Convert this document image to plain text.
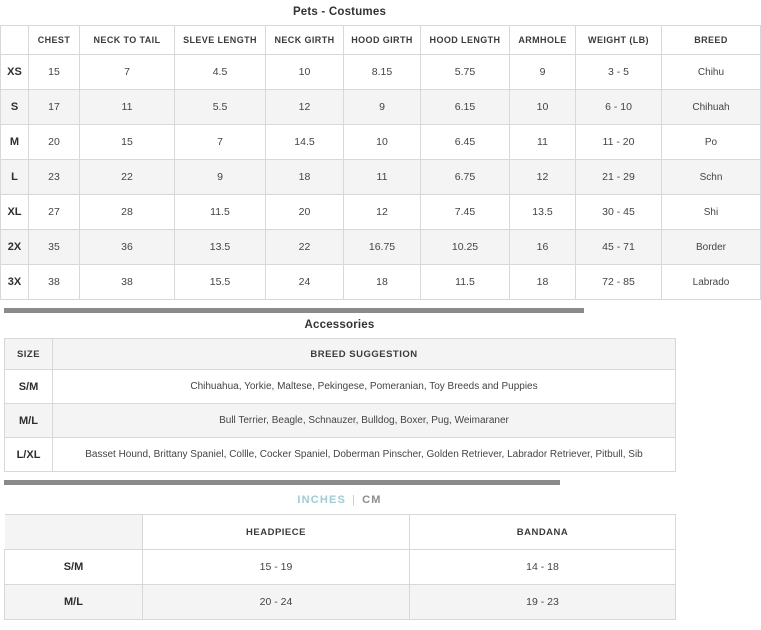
Pets - Costumes
	CHEST	NECK TO TAIL	SLEVE LENGTH	NECK GIRTH	HOOD GIRTH	HOOD LENGTH	ARMHOLE	WEIGHT (LB)	BREED
XS	15	7	4.5	10	8.15	5.75	9	3 - 5	Chihu
S	17	11	5.5	12	9	6.15	10	6 - 10	Chihuah
M	20	15	7	14.5	10	6.45	11	11 - 20	Po
L	23	22	9	18	11	6.75	12	21 - 29	Schn
XL	27	28	11.5	20	12	7.45	13.5	30 - 45	Shi
2X	35	36	13.5	22	16.75	10.25	16	45 - 71	Border
3X	38	38	15.5	24	18	11.5	18	72 - 85	Labrado
Accessories
SIZE	BREED SUGGESTION
S/M	Chihuahua, Yorkie, Maltese, Pekingese, Pomeranian, Toy Breeds and Puppies
M/L	Bull Terrier, Beagle, Schnauzer, Bulldog, Boxer, Pug, Weimaraner
L/XL	Basset Hound, Brittany Spaniel, Collle, Cocker Spaniel, Doberman Pinscher, Golden Retriever, Labrador Retriever, Pitbull, Sib
INCHES | CM
	HEADPIECE	BANDANA
S/M	15 - 19	14 - 18
M/L	20 - 24	19 - 23
